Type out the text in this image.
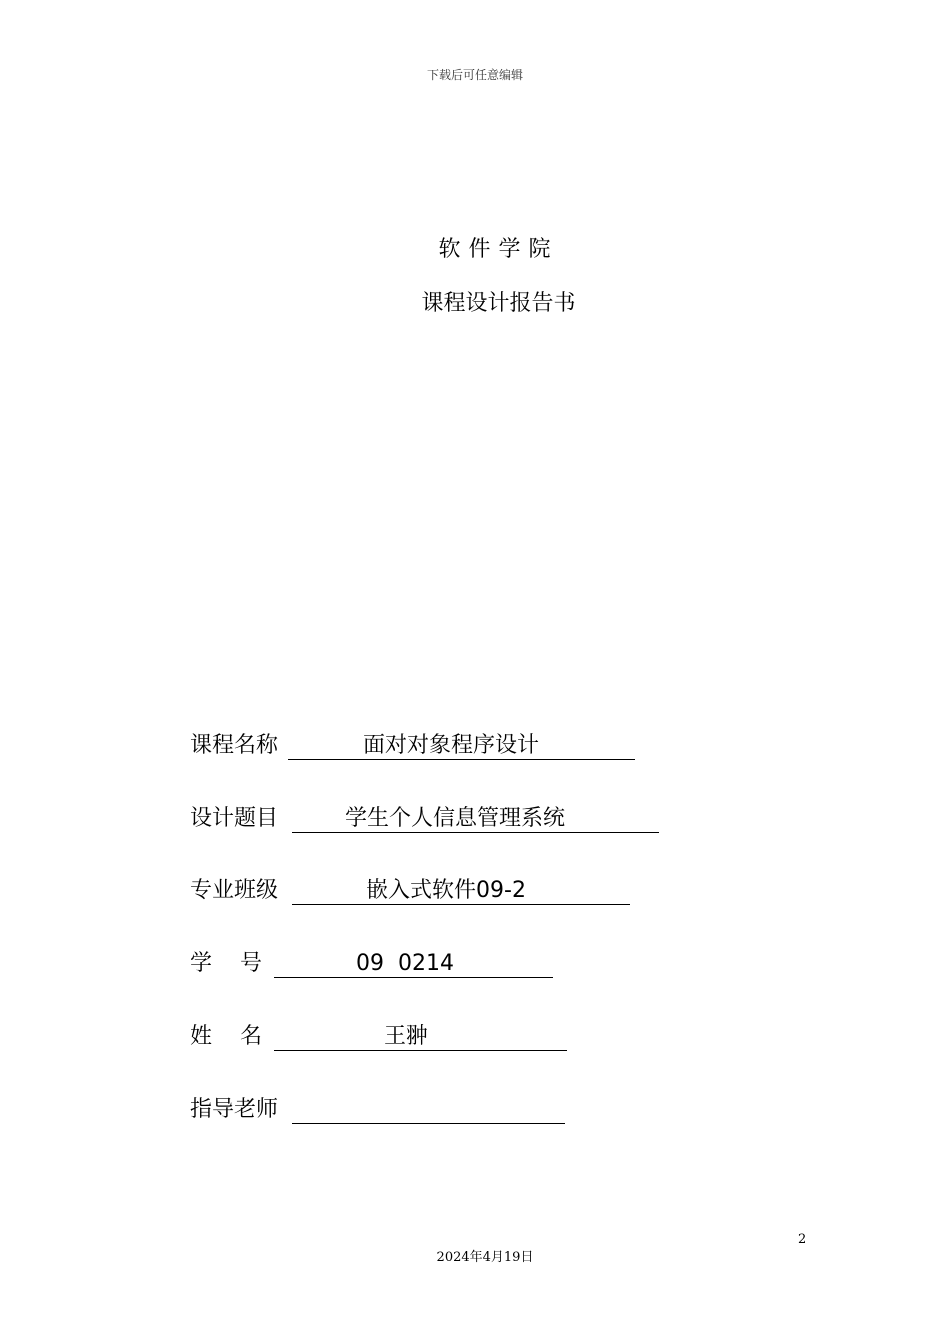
下载后可任意编辑
软件学院
课程设计报告书
课程名称	面对对象程序设计
设计题目	学生个人信息管理系统
专业班级	嵌入式软件09-2
学    号	09  0214
姓    名	王翀
指导老师
2
2024年4月19日
